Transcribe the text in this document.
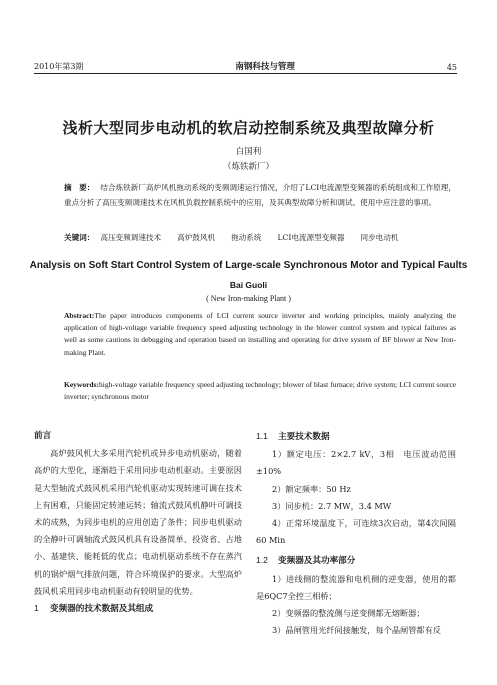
2010年第3期	南钢科技与管理	45
浅析大型同步电动机的软启动控制系统及典型故障分析
白国利
（炼铁新厂）
摘　要： 结合炼铁新厂高炉风机拖动系统的变频调速运行情况，介绍了LCI电流源型变频器的系统组成和工作原理，重点分析了高压变频调速技术在风机负载控制系统中的应用，及其典型故障分析和调试、使用中应注意的事项。
关键词： 高压变频调速技术 高炉鼓风机 拖动系统 LCI电流源型变频器 同步电动机
Analysis on Soft Start Control System of Large-scale Synchronous Motor and Typical Faults
Bai Guoli
( New Iron-making Plant )
Abstract:The paper introduces components of LCI current source inverter and working principles, mainly analyzing the application of high-voltage variable frequency speed adjusting technology in the blower control system and typical failures as well as some cautions in debugging and operation based on installing and operating for drive system of BF blower at New Iron-making Plant.
Keywords:high-voltage variable frequency speed adjusting technology; blower of blast furnace; drive system; LCI current source inverter; synchronous motor

前言

高炉鼓风机大多采用汽轮机或异步电动机驱动，随着高炉的大型化，逐渐趋于采用同步电动机驱动。主要原因是大型轴流式鼓风机采用汽轮机驱动实现转速可调在技术上有困难，只能固定转速运转；轴流式鼓风机静叶可调技术的成熟，为同步电机的应用创造了条件；同步电机驱动的全静叶可调轴流式鼓风机具有设备简单、投资省、占地小、基建快、能耗低的优点；电动机驱动系统不存在蒸汽机的锅炉烟气排放问题，符合环境保护的要求。大型高炉鼓风机采用同步电动机驱动有较明显的优势。

1 变频器的技术数据及其组成

1.1 主要技术数据

1）额定电压：2×2.7 kV，3相　电压波动范围±10%

2）额定频率：50 Hz

3）同步机：2.7 MW，3.4 MW

4）正常环境温度下，可连续3次启动，第4次间隔60 Min

1.2 变频器及其功率部分

1）进线侧的整流器和电机侧的逆变器，使用的都是6QC7全控三相桥；

2）变频器的整流侧与逆变侧都无熔断器；

3）晶闸管用光纤间接触发，每个晶闸管都有反
